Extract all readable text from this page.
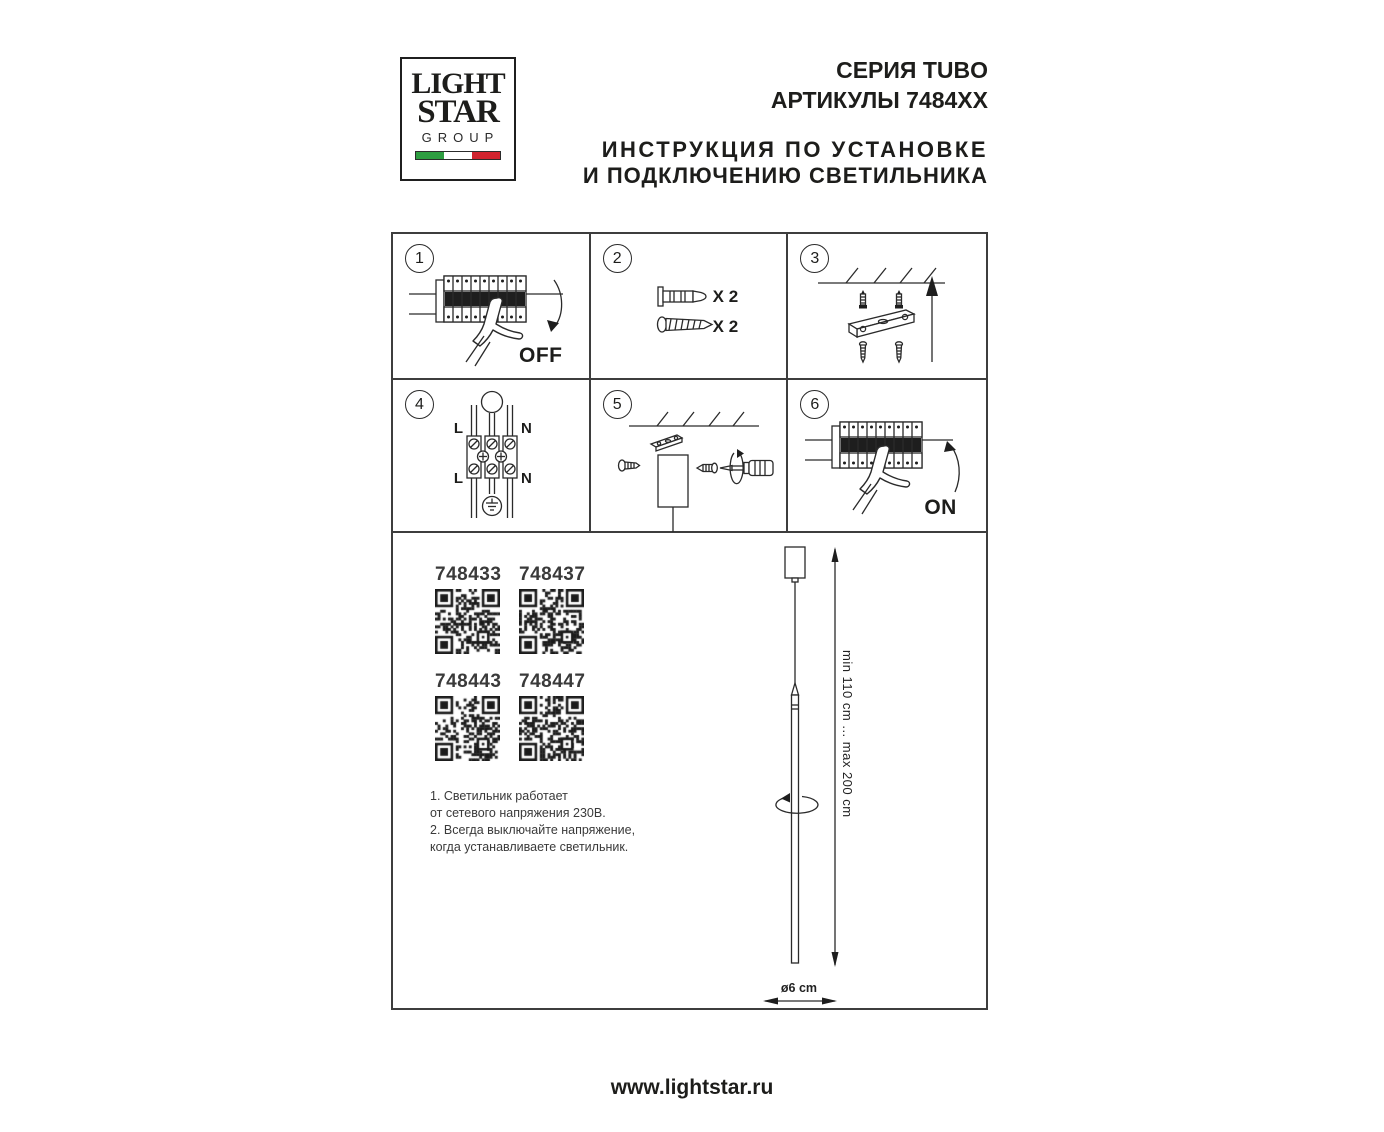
LIGHT
STAR
GROUP
СЕРИЯ TUBO
АРТИКУЛЫ 7484XX
ИНСТРУКЦИЯ ПО УСТАНОВКЕ
И ПОДКЛЮЧЕНИЮ СВЕТИЛЬНИКА
1
OFF
2
X 2
X 2
3
4
L	N
L	N
5	6
ON
748433 748437
748443 748447
1. Светильник работает
от сетевого напряжения 230В.
2. Всегда выключайте напряжение,
когда устанавливаете светильник.
min 110 cm ... max 200 cm
ø6 cm
www.lightstar.ru
